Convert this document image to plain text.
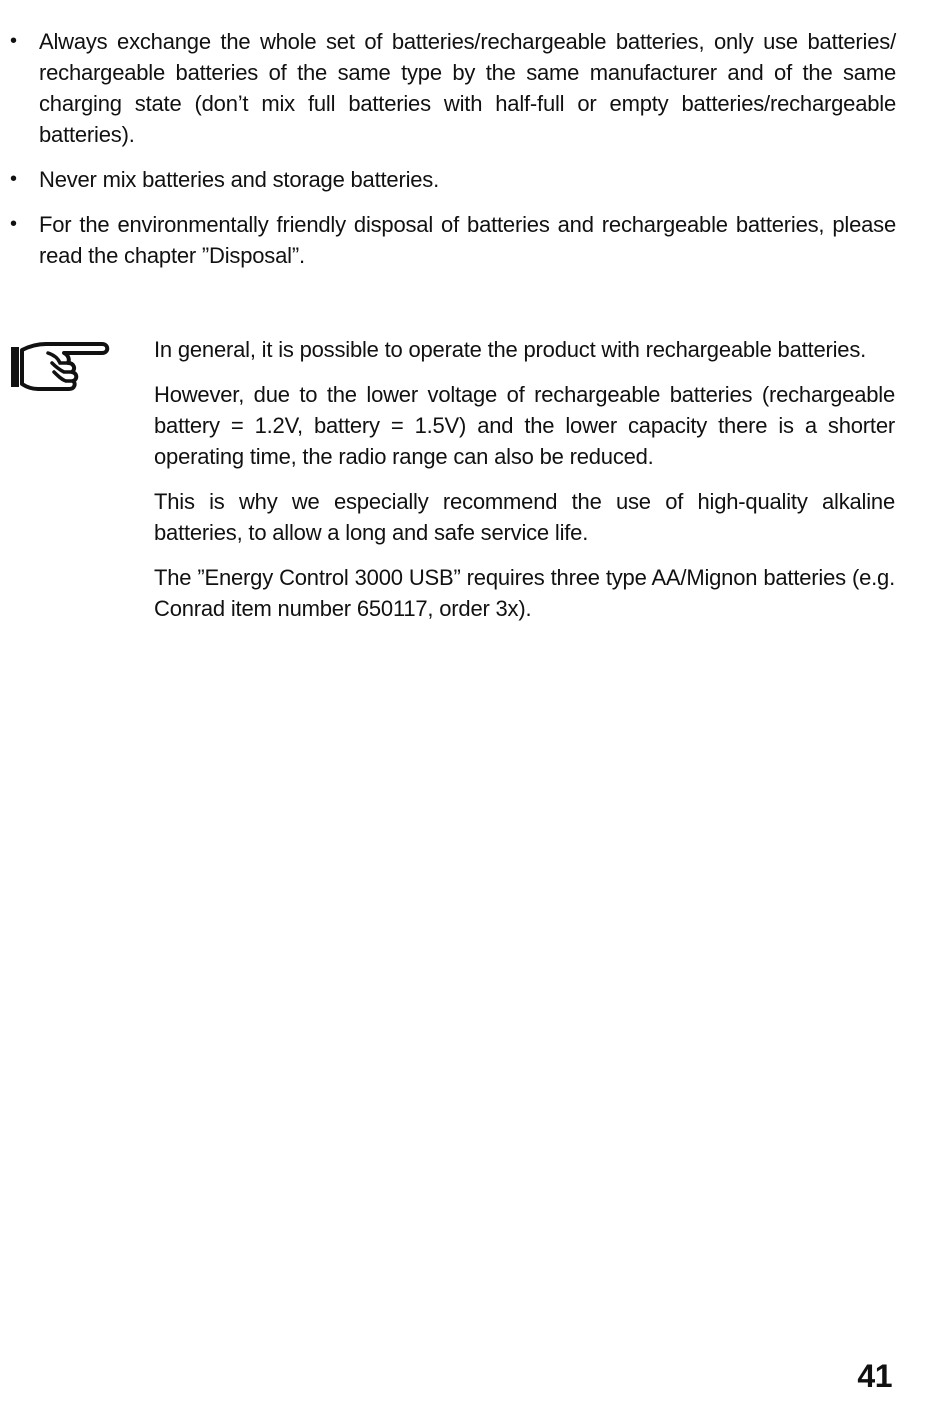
• Always exchange the whole set of batteries/rechargeable batteries, only use batteries/ rechargeable batteries of the same type by the same manufacturer and of the same charging state (don’t mix full batteries with half-full or empty batteries/rechargeable batteries).
• Never mix batteries and storage batteries.
• For the environmentally friendly disposal of batteries and rechargeable batteries, please read the chapter ”Disposal”.

In general, it is possible to operate the product with rechargeable batteries.

However, due to the lower voltage of rechargeable batteries (rechargeable battery = 1.2V, battery = 1.5V) and the lower capacity there is a shorter operating time, the radio range can also be reduced.

This is why we especially recommend the use of high-quality alkaline batteries, to allow a long and safe service life.

The ”Energy Control 3000 USB” requires three type AA/Mignon batteries (e.g. Conrad item number 650117, order 3x).

41
